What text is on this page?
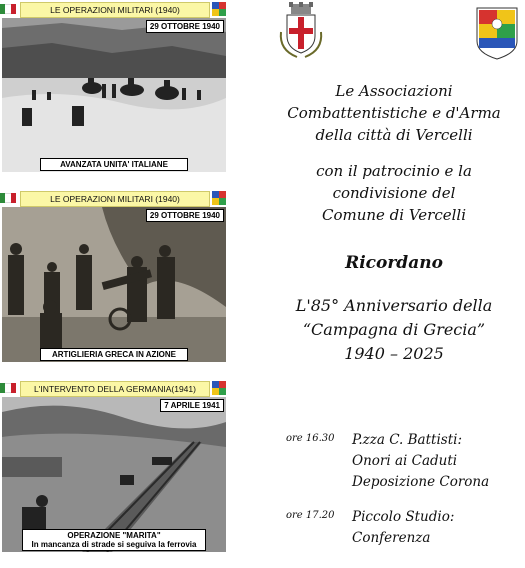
LE OPERAZIONI MILITARI (1940)
29 OTTOBRE 1940
AVANZATA UNITA' ITALIANE
LE OPERAZIONI MILITARI (1940)
29 OTTOBRE 1940
ARTIGLIERIA GRECA IN AZIONE
L'INTERVENTO DELLA GERMANIA(1941)
7 APRILE 1941
OPERAZIONE "MARITA"
In mancanza di strade si seguiva la ferrovia
Le Associazioni
Combattentistiche e d'Arma
della città di Vercelli
con il patrocinio e la
condivisione del
Comune di Vercelli
Ricordano
L'85° Anniversario della
“Campagna di Grecia”
1940 – 2025
ore 16.30 P.zza C. Battisti:
Onori ai Caduti
Deposizione Corona
ore 17.20 Piccolo Studio:
Conferenza
